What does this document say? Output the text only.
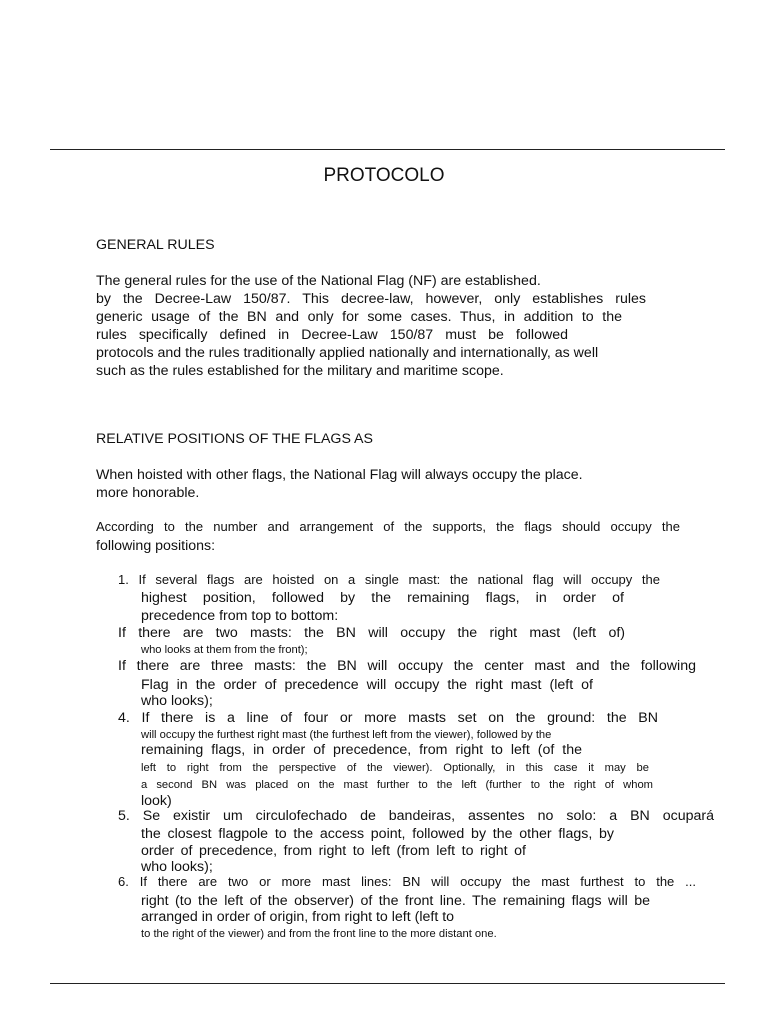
PROTOCOLO
GENERAL RULES
The general rules for the use of the National Flag (NF) are established.
by the Decree-Law 150/87. This decree-law, however, only establishes rules
generic usage of the BN and only for some cases. Thus, in addition to the
rules specifically defined in Decree-Law 150/87 must be followed
protocols and the rules traditionally applied nationally and internationally, as well
such as the rules established for the military and maritime scope.
RELATIVE POSITIONS OF THE FLAGS AS
When hoisted with other flags, the National Flag will always occupy the place.
more honorable.
According to the number and arrangement of the supports, the flags should occupy the
following positions:
1. If several flags are hoisted on a single mast: the national flag will occupy the
highest position, followed by the remaining flags, in order of
precedence from top to bottom:
If there are two masts: the BN will occupy the right mast (left of)
who looks at them from the front);
If there are three masts: the BN will occupy the center mast and the following
Flag in the order of precedence will occupy the right mast (left of
who looks);
4. If there is a line of four or more masts set on the ground: the BN
will occupy the furthest right mast (the furthest left from the viewer), followed by the
remaining flags, in order of precedence, from right to left (of the
left to right from the perspective of the viewer). Optionally, in this case it may be
a second BN was placed on the mast further to the left (further to the right of whom
look)
5. Se existir um circulofechado de bandeiras, assentes no solo: a BN ocupará
the closest flagpole to the access point, followed by the other flags, by
order of precedence, from right to left (from left to right of
who looks);
6. If there are two or more mast lines: BN will occupy the mast furthest to the ...
right (to the left of the observer) of the front line. The remaining flags will be
arranged in order of origin, from right to left (left to
to the right of the viewer) and from the front line to the more distant one.
